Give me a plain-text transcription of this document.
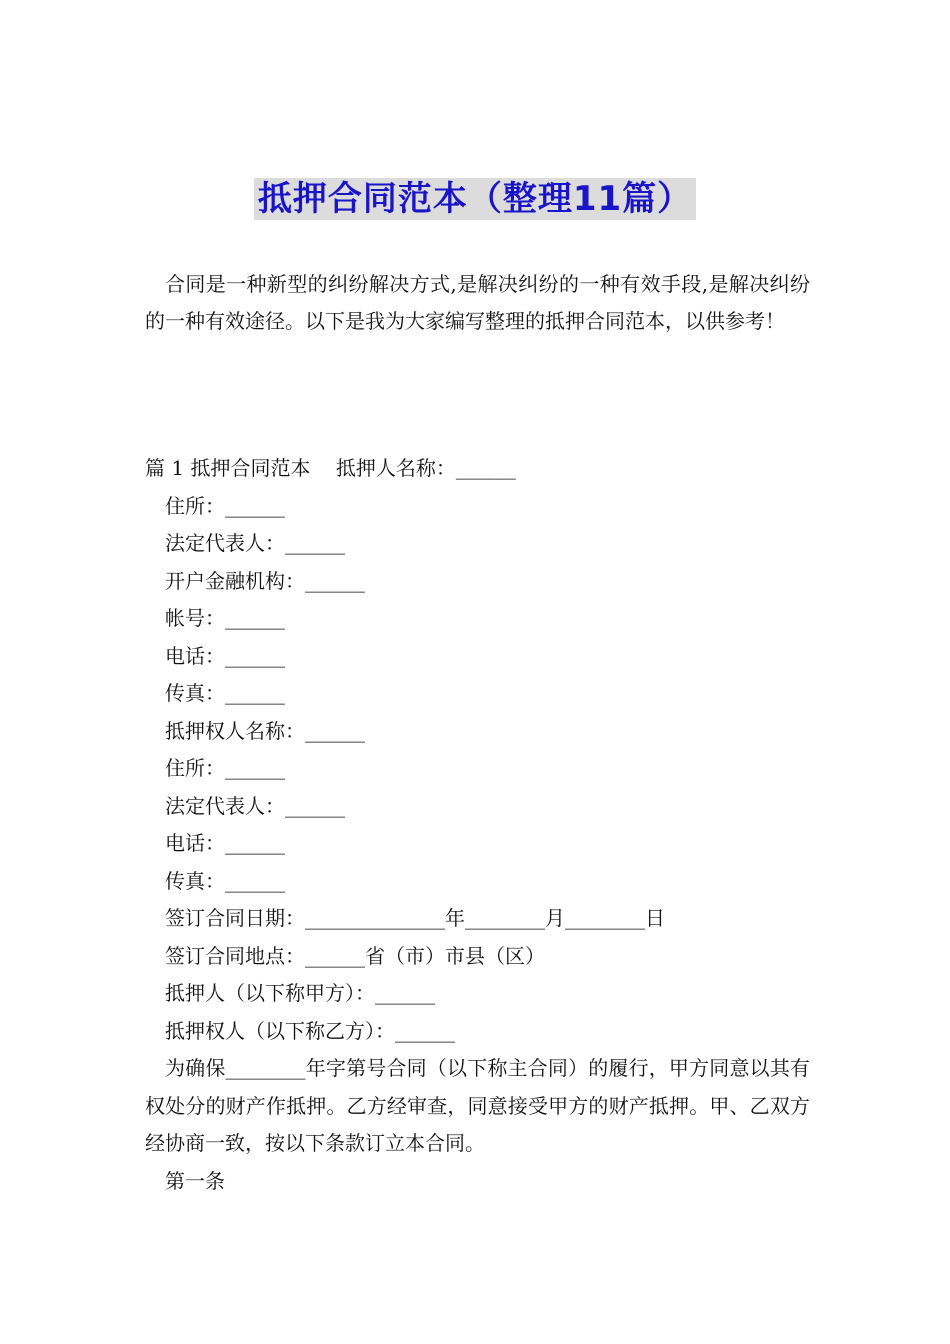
抵押合同范本（整理11篇）
合同是一种新型的纠纷解决方式,是解决纠纷的一种有效手段,是解决纠纷的一种有效途径。以下是我为大家编写整理的抵押合同范本，以供参考！
篇 1 抵押合同范本    抵押人名称：______
住所：______
法定代表人：______
开户金融机构：______
帐号：______
电话：______
传真：______
抵押权人名称：______
住所：______
法定代表人：______
电话：______
传真：______
签订合同日期：______________年________月________日
签订合同地点：______省（市）市县（区）
抵押人（以下称甲方）：______
抵押权人（以下称乙方）：______
为确保________年字第号合同（以下称主合同）的履行，甲方同意以其有权处分的财产作抵押。乙方经审查，同意接受甲方的财产抵押。甲、乙双方经协商一致，按以下条款订立本合同。
第一条
